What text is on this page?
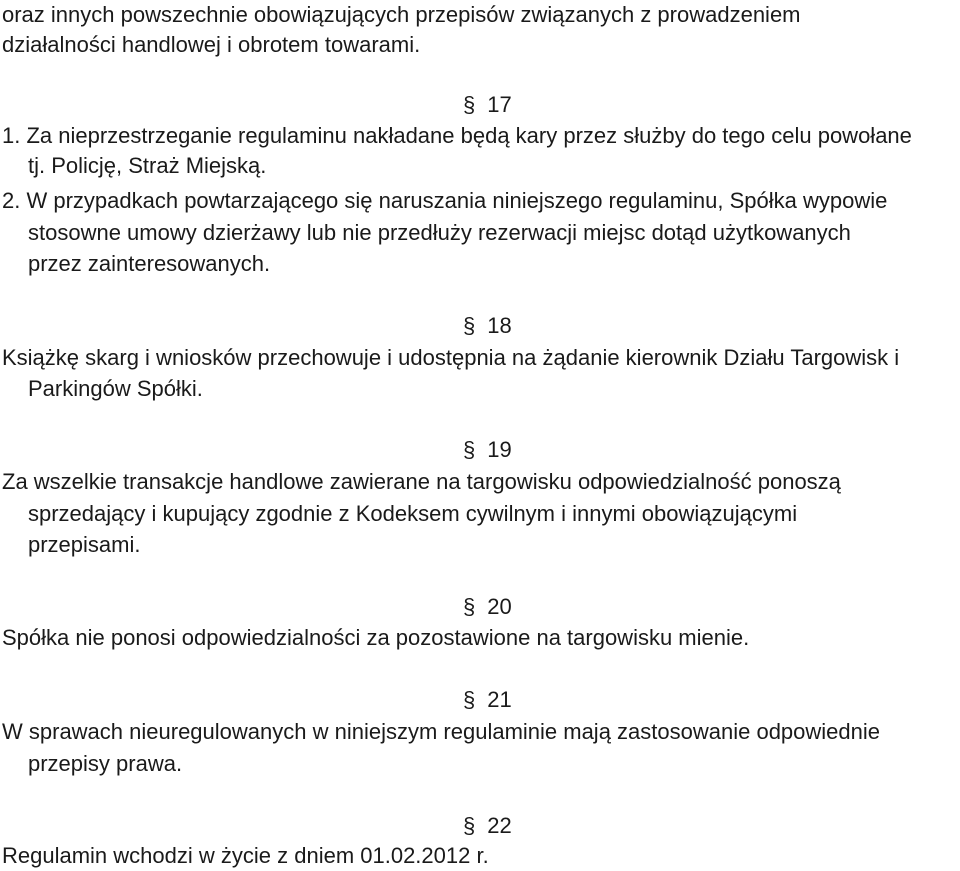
oraz innych powszechnie obowiązujących przepisów związanych z prowadzeniem
działalności handlowej i obrotem towarami.
§ 17
1. Za nieprzestrzeganie regulaminu nakładane będą kary przez służby do tego celu powołane
tj. Policję, Straż Miejską.
2. W przypadkach powtarzającego się naruszania niniejszego regulaminu, Spółka wypowie
stosowne umowy dzierżawy lub nie przedłuży rezerwacji miejsc dotąd użytkowanych
przez zainteresowanych.
§ 18
Książkę skarg i wniosków przechowuje i udostępnia na żądanie kierownik Działu Targowisk i
Parkingów Spółki.
§ 19
Za wszelkie transakcje handlowe zawierane na targowisku odpowiedzialność ponoszą
sprzedający i kupujący zgodnie z Kodeksem cywilnym i innymi obowiązującymi
przepisami.
§ 20
Spółka nie ponosi odpowiedzialności za pozostawione na targowisku mienie.
§ 21
W sprawach nieuregulowanych w niniejszym regulaminie mają zastosowanie odpowiednie
przepisy prawa.
§ 22
Regulamin wchodzi w życie z dniem 01.02.2012 r.
